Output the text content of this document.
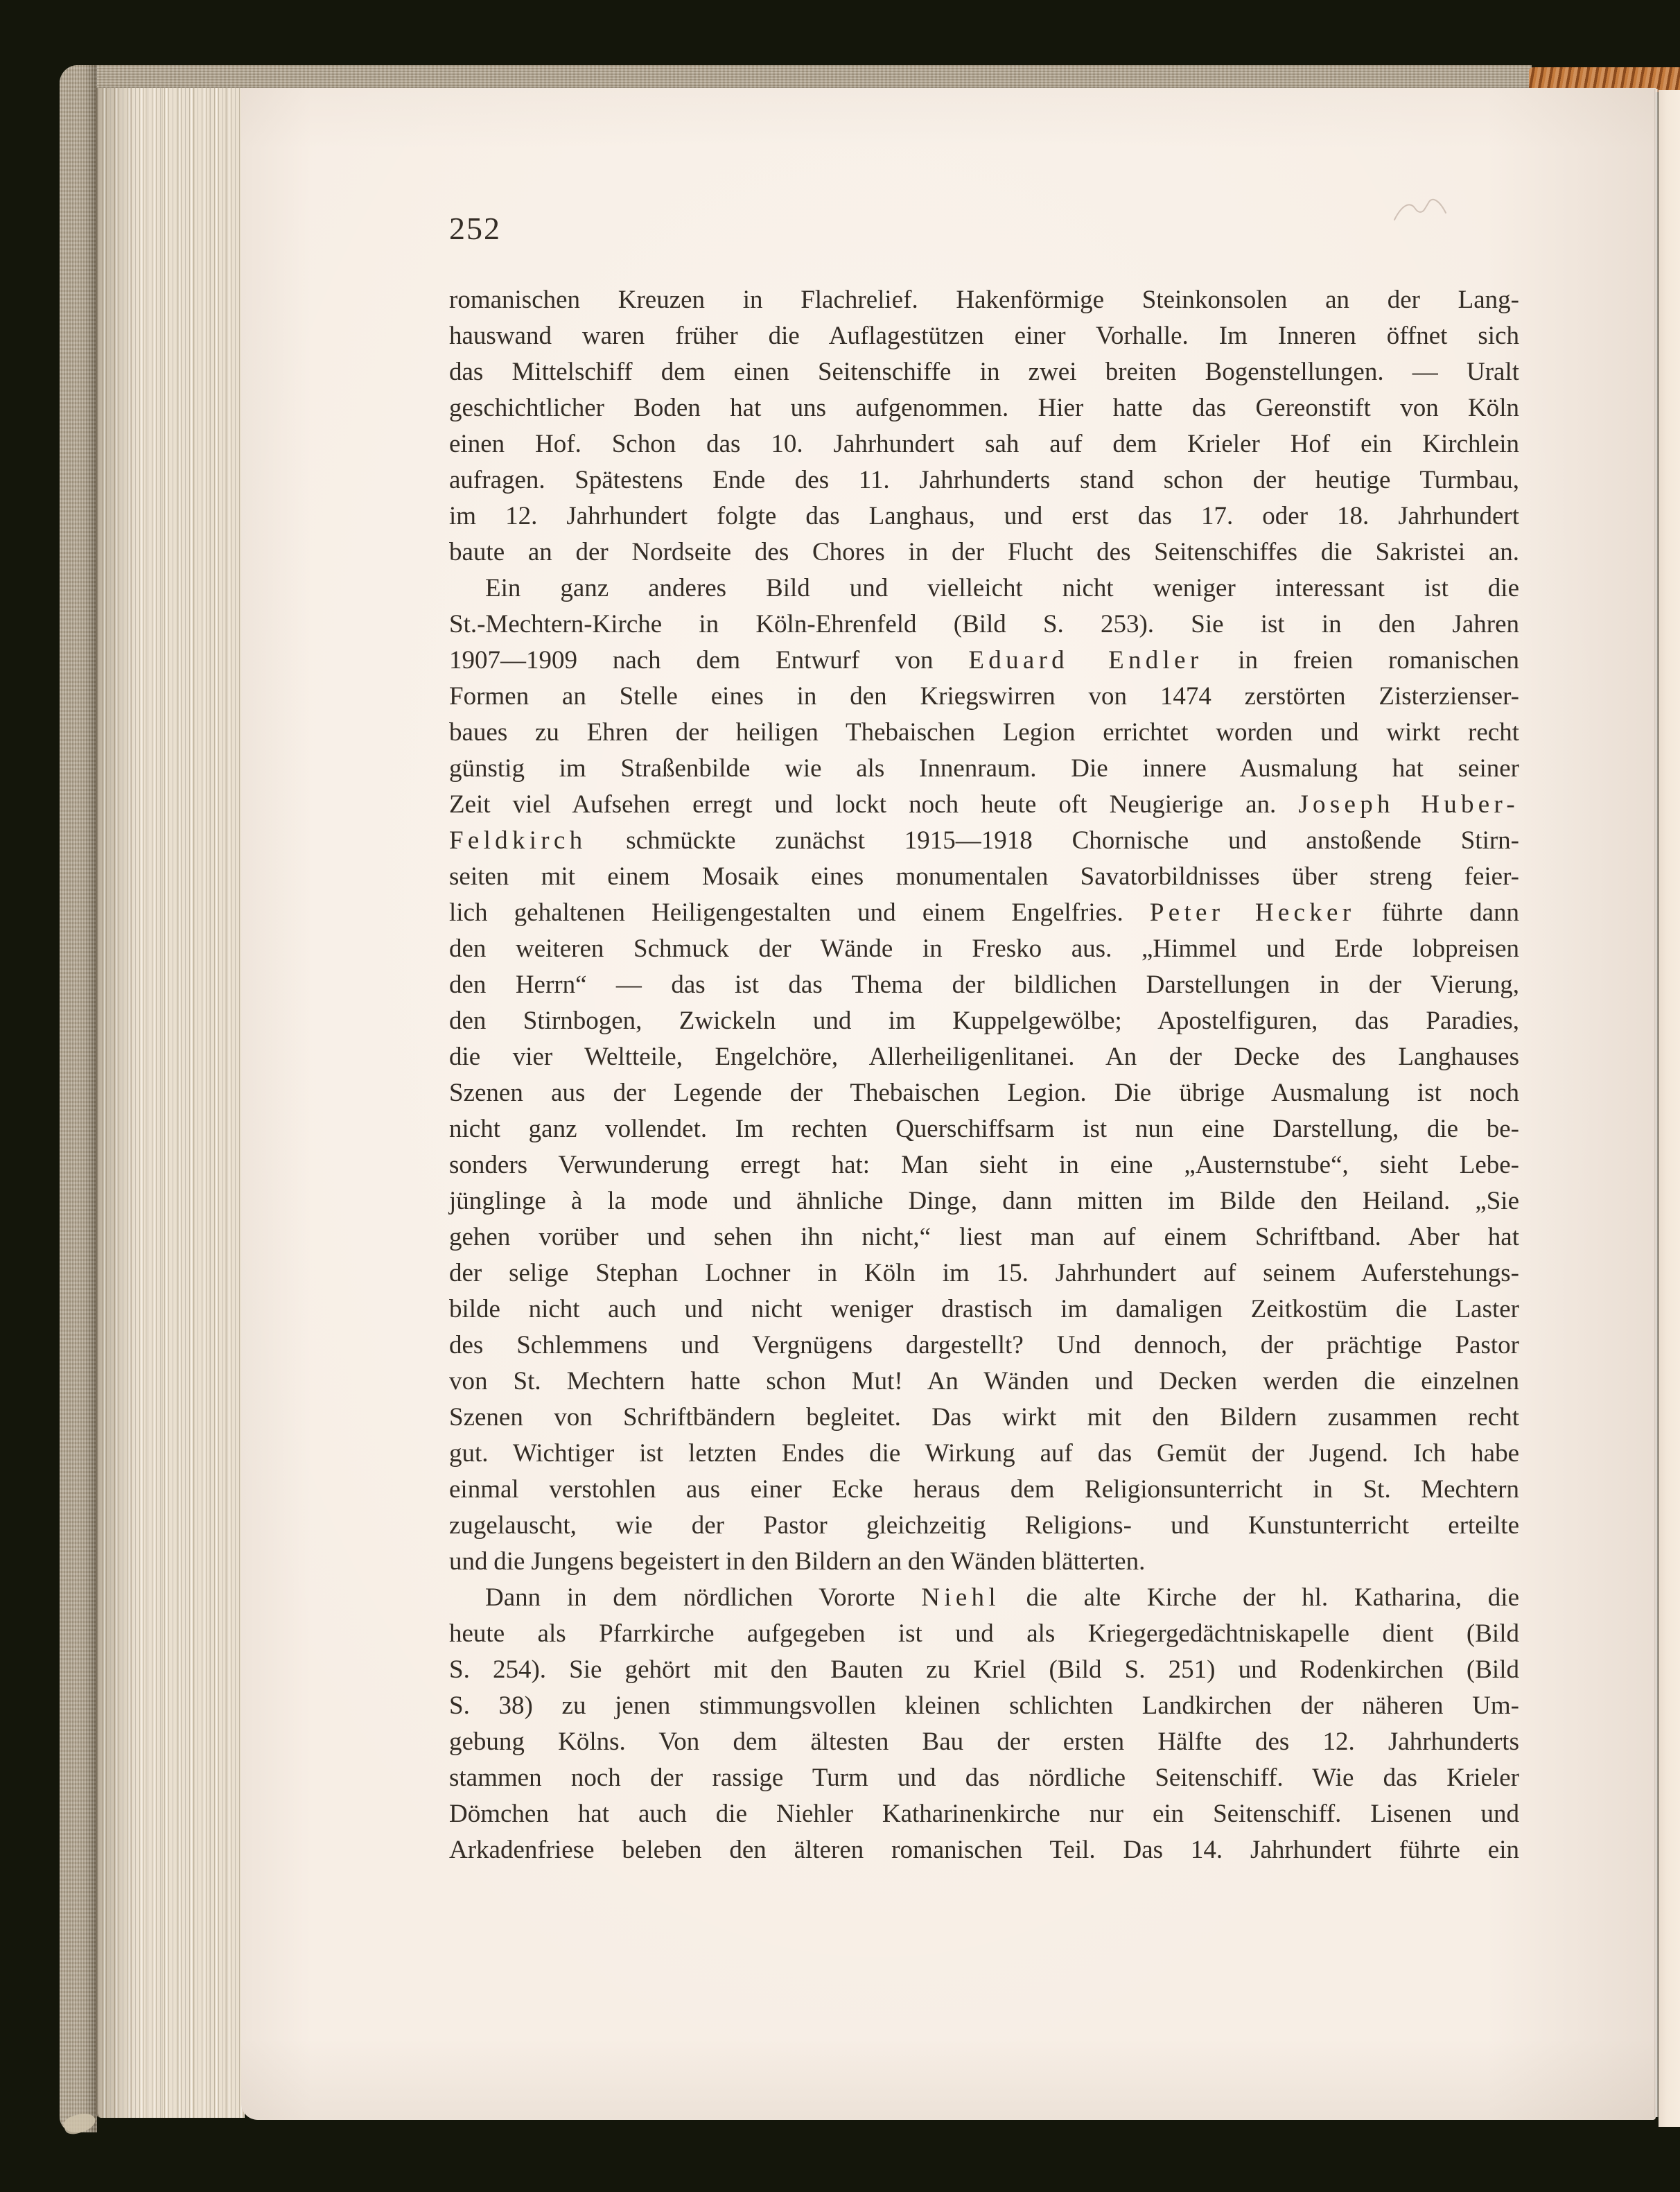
252
romanischen Kreuzen in Flachrelief. Hakenförmige Steinkonsolen an der Lang-
hauswand waren früher die Auflagestützen einer Vorhalle. Im Inneren öffnet sich
das Mittelschiff dem einen Seitenschiffe in zwei breiten Bogenstellungen. — Uralt
geschichtlicher Boden hat uns aufgenommen. Hier hatte das Gereonstift von Köln
einen Hof. Schon das 10. Jahrhundert sah auf dem Krieler Hof ein Kirchlein
aufragen. Spätestens Ende des 11. Jahrhunderts stand schon der heutige Turmbau,
im 12. Jahrhundert folgte das Langhaus, und erst das 17. oder 18. Jahrhundert
baute an der Nordseite des Chores in der Flucht des Seitenschiffes die Sakristei an.
Ein ganz anderes Bild und vielleicht nicht weniger interessant ist die
St.-Mechtern-Kirche in Köln-Ehrenfeld (Bild S. 253). Sie ist in den Jahren
1907—1909 nach dem Entwurf von Eduard Endler in freien romanischen
Formen an Stelle eines in den Kriegswirren von 1474 zerstörten Zisterzienser-
baues zu Ehren der heiligen Thebaischen Legion errichtet worden und wirkt recht
günstig im Straßenbilde wie als Innenraum. Die innere Ausmalung hat seiner
Zeit viel Aufsehen erregt und lockt noch heute oft Neugierige an. Joseph Huber-
Feldkirch schmückte zunächst 1915—1918 Chornische und anstoßende Stirn-
seiten mit einem Mosaik eines monumentalen Savatorbildnisses über streng feier-
lich gehaltenen Heiligengestalten und einem Engelfries. Peter Hecker führte dann
den weiteren Schmuck der Wände in Fresko aus. „Himmel und Erde lobpreisen
den Herrn“ — das ist das Thema der bildlichen Darstellungen in der Vierung,
den Stirnbogen, Zwickeln und im Kuppelgewölbe; Apostelfiguren, das Paradies,
die vier Weltteile, Engelchöre, Allerheiligenlitanei. An der Decke des Langhauses
Szenen aus der Legende der Thebaischen Legion. Die übrige Ausmalung ist noch
nicht ganz vollendet. Im rechten Querschiffsarm ist nun eine Darstellung, die be-
sonders Verwunderung erregt hat: Man sieht in eine „Austernstube“, sieht Lebe-
jünglinge à la mode und ähnliche Dinge, dann mitten im Bilde den Heiland. „Sie
gehen vorüber und sehen ihn nicht,“ liest man auf einem Schriftband. Aber hat
der selige Stephan Lochner in Köln im 15. Jahrhundert auf seinem Auferstehungs-
bilde nicht auch und nicht weniger drastisch im damaligen Zeitkostüm die Laster
des Schlemmens und Vergnügens dargestellt? Und dennoch, der prächtige Pastor
von St. Mechtern hatte schon Mut! An Wänden und Decken werden die einzelnen
Szenen von Schriftbändern begleitet. Das wirkt mit den Bildern zusammen recht
gut. Wichtiger ist letzten Endes die Wirkung auf das Gemüt der Jugend. Ich habe
einmal verstohlen aus einer Ecke heraus dem Religionsunterricht in St. Mechtern
zugelauscht, wie der Pastor gleichzeitig Religions- und Kunstunterricht erteilte
und die Jungens begeistert in den Bildern an den Wänden blätterten.
Dann in dem nördlichen Vororte Niehl die alte Kirche der hl. Katharina, die
heute als Pfarrkirche aufgegeben ist und als Kriegergedächtniskapelle dient (Bild
S. 254). Sie gehört mit den Bauten zu Kriel (Bild S. 251) und Rodenkirchen (Bild
S. 38) zu jenen stimmungsvollen kleinen schlichten Landkirchen der näheren Um-
gebung Kölns. Von dem ältesten Bau der ersten Hälfte des 12. Jahrhunderts
stammen noch der rassige Turm und das nördliche Seitenschiff. Wie das Krieler
Dömchen hat auch die Niehler Katharinenkirche nur ein Seitenschiff. Lisenen und
Arkadenfriese beleben den älteren romanischen Teil. Das 14. Jahrhundert führte ein
